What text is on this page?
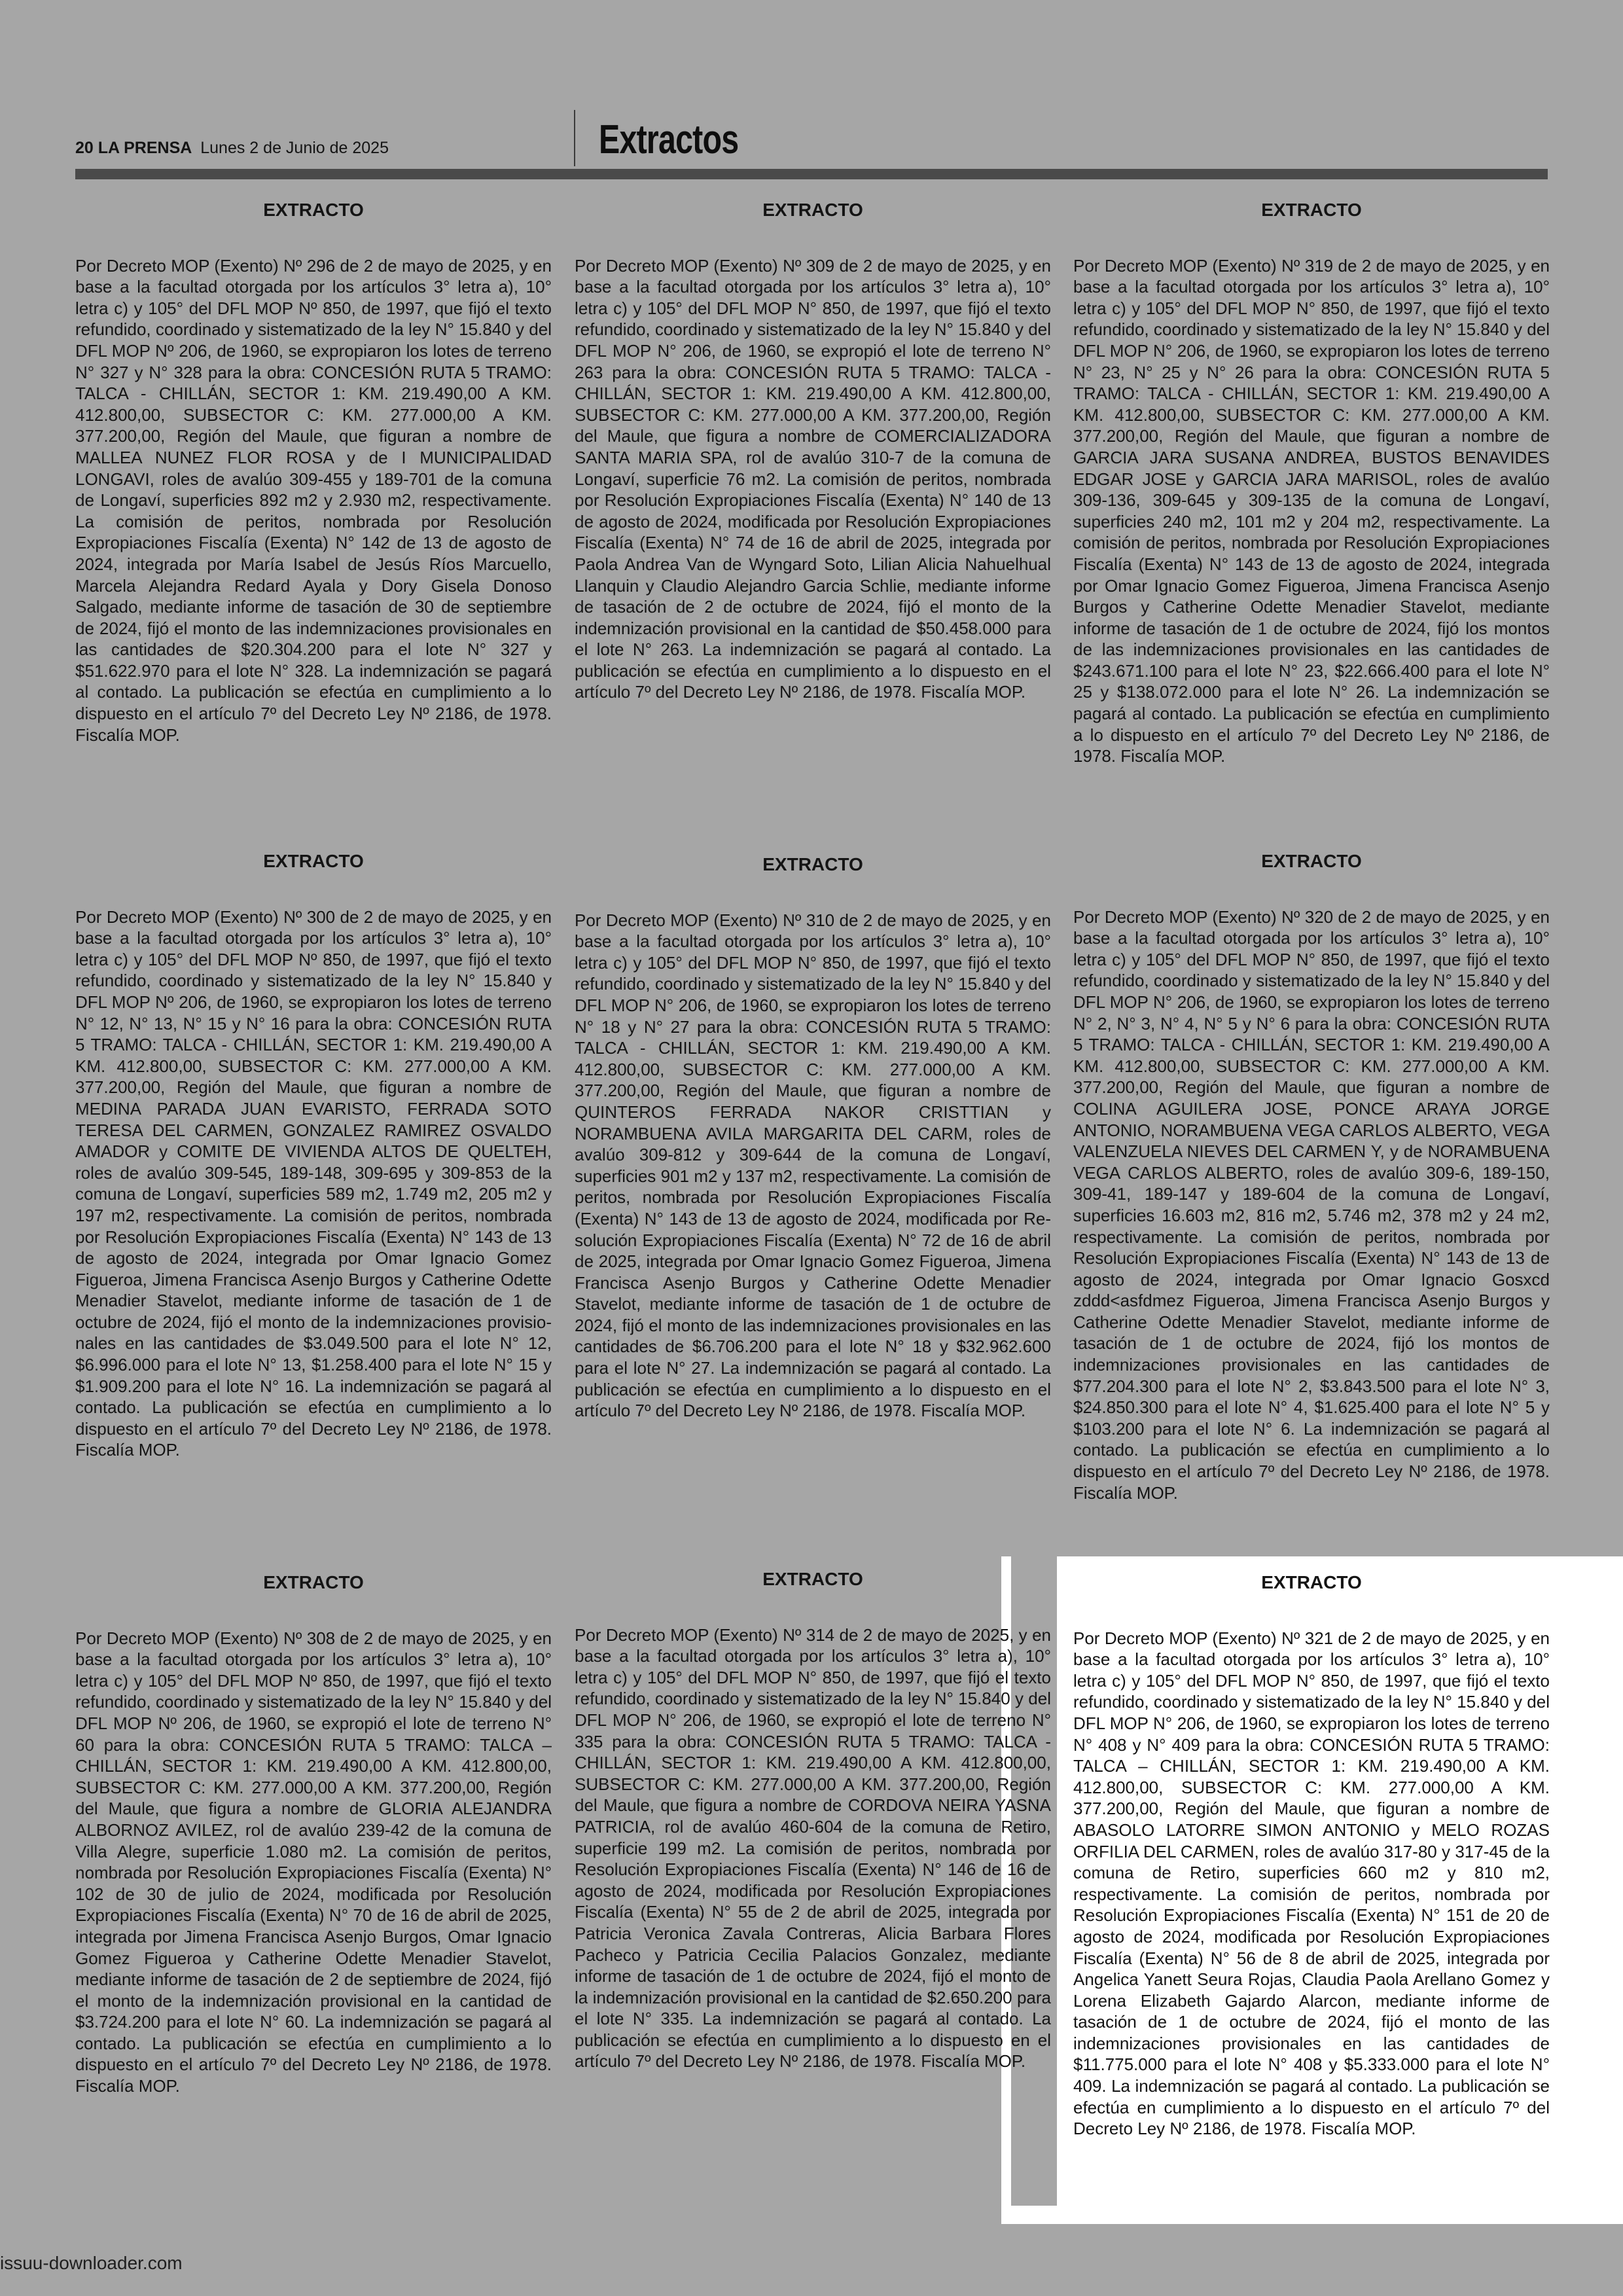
20 LA PRENSA Lunes 2 de Junio de 2025	Extractos
EXTRACTO

Por Decreto MOP (Exento) Nº 296 de 2 de mayo de 2025, y en base a la facultad otorgada por los artículos 3° letra a), 10° letra c) y 105° del DFL MOP Nº 850, de 1997, que fijó el texto refundido, coordinado y sistematizado de la ley N° 15.840 y del DFL MOP Nº 206, de 1960, se expropiaron los lotes de terreno N° 327 y N° 328 para la obra: CONCESIÓN RUTA 5 TRAMO: TALCA - CHILLÁN, SECTOR 1: KM. 219.490,00 A KM. 412.800,00, SUBSECTOR C: KM. 277.000,00 A KM. 377.200,00, Región del Maule, que figuran a nombre de MALLEA NUNEZ FLOR ROSA y de I MUNICIPALIDAD LONGAVI, roles de avalúo 309-455 y 189-701 de la comuna de Longaví, superficies 892 m2 y 2.930 m2, respectivamente. La comisión de peritos, nombrada por Resolución Expropiaciones Fiscalía (Exenta) N° 142 de 13 de agosto de 2024, integrada por María Isabel de Jesús Ríos Marcuello, Marcela Alejandra Redard Ayala y Dory Gisela Donoso Salgado, mediante informe de tasación de 30 de septiembre de 2024, fijó el monto de las indemnizaciones provisionales en las cantidades de $20.304.200 para el lote N° 327 y $51.622.970 para el lote N° 328. La indemnización se pagará al contado. La publicación se efectúa en cumplimiento a lo dispuesto en el artículo 7º del Decreto Ley Nº 2186, de 1978. Fiscalía MOP.

EXTRACTO

Por Decreto MOP (Exento) Nº 309 de 2 de mayo de 2025, y en base a la facultad otorgada por los artículos 3° letra a), 10° letra c) y 105° del DFL MOP N° 850, de 1997, que fijó el texto refundido, coordinado y sistematizado de la ley N° 15.840 y del DFL MOP N° 206, de 1960, se expropió el lote de terreno N° 263 para la obra: CONCESIÓN RUTA 5 TRAMO: TALCA - CHILLÁN, SECTOR 1: KM. 219.490,00 A KM. 412.800,00, SUBSECTOR C: KM. 277.000,00 A KM. 377.200,00, Región del Maule, que figura a nombre de COMERCIALIZADORA SANTA MARIA SPA, rol de avalúo 310-7 de la comuna de Longaví, superficie 76 m2. La comisión de peritos, nombrada por Resolución Expropiaciones Fiscalía (Exenta) N° 140 de 13 de agosto de 2024, modificada por Resolución Expropiaciones Fiscalía (Exenta) N° 74 de 16 de abril de 2025, integrada por Paola Andrea Van de Wyngard Soto, Lilian Alicia Nahuelhual Llanquin y Claudio Alejandro Garcia Schlie, mediante informe de tasación de 2 de octubre de 2024, fijó el monto de la indemnización provisional en la cantidad de $50.458.000 para el lote N° 263. La indemnización se pagará al contado. La publicación se efectúa en cumplimiento a lo dispuesto en el artículo 7º del Decreto Ley Nº 2186, de 1978. Fiscalía MOP.

EXTRACTO

Por Decreto MOP (Exento) Nº 319 de 2 de mayo de 2025, y en base a la facultad otorgada por los artículos 3° letra a), 10° letra c) y 105° del DFL MOP N° 850, de 1997, que fijó el texto refundido, coordinado y sistematizado de la ley N° 15.840 y del DFL MOP N° 206, de 1960, se expropiaron los lotes de terreno N° 23, N° 25 y N° 26 para la obra: CONCESIÓN RUTA 5 TRAMO: TALCA - CHILLÁN, SECTOR 1: KM. 219.490,00 A KM. 412.800,00, SUBSECTOR C: KM. 277.000,00 A KM. 377.200,00, Región del Maule, que figuran a nombre de GARCIA JARA SUSANA ANDREA, BUSTOS BENAVIDES EDGAR JOSE y GARCIA JARA MARISOL, roles de avalúo 309-136, 309-645 y 309-135 de la comuna de Longaví, superficies 240 m2, 101 m2 y 204 m2, respectivamente. La comisión de peritos, nombrada por Resolución Expropiaciones Fiscalía (Exenta) N° 143 de 13 de agosto de 2024, integrada por Omar Ignacio Gomez Figueroa, Jimena Francisca Asenjo Burgos y Catherine Odette Menadier Stavelot, mediante informe de tasación de 1 de octubre de 2024, fijó los montos de las indemnizaciones provisionales en las cantidades de $243.671.100 para el lote N° 23, $22.666.400 para el lote N° 25 y $138.072.000 para el lote N° 26. La indemnización se pagará al contado. La publicación se efectúa en cumplimiento a lo dispuesto en el artículo 7º del Decreto Ley Nº 2186, de 1978. Fiscalía MOP.

EXTRACTO

Por Decreto MOP (Exento) Nº 300 de 2 de mayo de 2025, y en base a la facultad otorgada por los artículos 3° letra a), 10° letra c) y 105° del DFL MOP Nº 850, de 1997, que fijó el texto refundido, coordinado y sistematizado de la ley N° 15.840 y DFL MOP Nº 206, de 1960, se expropiaron los lotes de terreno N° 12, N° 13, N° 15 y N° 16 para la obra: CONCESIÓN RUTA 5 TRAMO: TALCA - CHILLÁN, SECTOR 1: KM. 219.490,00 A KM. 412.800,00, SUBSECTOR C: KM. 277.000,00 A KM. 377.200,00, Región del Maule, que figuran a nombre de MEDINA PARADA JUAN EVARISTO, FERRADA SOTO TERESA DEL CARMEN, GONZALEZ RAMIREZ OSVALDO AMADOR y COMITE DE VIVIENDA ALTOS DE QUELTEH, roles de avalúo 309-545, 189-148, 309-695 y 309-853 de la comuna de Longaví, superficies 589 m2, 1.749 m2, 205 m2 y 197 m2, respectivamente. La comisión de peritos, nombrada por Resolución Expropiaciones Fiscalía (Exenta) N° 143 de 13 de agosto de 2024, integrada por Omar Ignacio Gomez Figueroa, Jimena Francisca Asenjo Burgos y Catherine Odette Menadier Stavelot, mediante informe de tasación de 1 de octubre de 2024, fijó el monto de la indemnizaciones provisionales en las cantidades de $3.049.500 para el lote N° 12, $6.996.000 para el lote N° 13, $1.258.400 para el lote N° 15 y $1.909.200 para el lote N° 16. La indemnización se pagará al contado. La publicación se efectúa en cumplimiento a lo dispuesto en el artículo 7º del Decreto Ley Nº 2186, de 1978. Fiscalía MOP.

EXTRACTO

Por Decreto MOP (Exento) Nº 310 de 2 de mayo de 2025, y en base a la facultad otorgada por los artículos 3° letra a), 10° letra c) y 105° del DFL MOP N° 850, de 1997, que fijó el texto refundido, coordinado y sistematizado de la ley N° 15.840 y del DFL MOP N° 206, de 1960, se expropiaron los lotes de terreno N° 18 y N° 27 para la obra: CONCESIÓN RUTA 5 TRAMO: TALCA - CHILLÁN, SECTOR 1: KM. 219.490,00 A KM. 412.800,00, SUBSECTOR C: KM. 277.000,00 A KM. 377.200,00, Región del Maule, que figuran a nombre de QUINTEROS FERRADA NAKOR CRISTTIAN y NORAMBUENA AVILA MARGARITA DEL CARM, roles de avalúo 309-812 y 309-644 de la comuna de Longaví, superficies 901 m2 y 137 m2, respectivamente. La comisión de peritos, nombrada por Resolución Expropiaciones Fiscalía (Exenta) N° 143 de 13 de agosto de 2024, modificada por Resolución Expropiaciones Fiscalía (Exenta) N° 72 de 16 de abril de 2025, integrada por Omar Ignacio Gomez Figueroa, Jimena Francisca Asenjo Burgos y Catherine Odette Menadier Stavelot, mediante informe de tasación de 1 de octubre de 2024, fijó el monto de las indemnizaciones provisionales en las cantidades de $6.706.200 para el lote N° 18 y $32.962.600 para el lote N° 27. La indemnización se pagará al contado. La publicación se efectúa en cumplimiento a lo dispuesto en el artículo 7º del Decreto Ley Nº 2186, de 1978. Fiscalía MOP.

EXTRACTO

Por Decreto MOP (Exento) Nº 320 de 2 de mayo de 2025, y en base a la facultad otorgada por los artículos 3° letra a), 10° letra c) y 105° del DFL MOP N° 850, de 1997, que fijó el texto refundido, coordinado y sistematizado de la ley N° 15.840 y del DFL MOP N° 206, de 1960, se expropiaron los lotes de terreno N° 2, N° 3, N° 4, N° 5 y N° 6 para la obra: CONCESIÓN RUTA 5 TRAMO: TALCA - CHILLÁN, SECTOR 1: KM. 219.490,00 A KM. 412.800,00, SUBSECTOR C: KM. 277.000,00 A KM. 377.200,00, Región del Maule, que figuran a nombre de COLINA AGUILERA JOSE, PONCE ARAYA JORGE ANTONIO, NORAMBUENA VEGA CARLOS ALBERTO, VEGA VALENZUELA NIEVES DEL CARMEN Y, y de NORAMBUENA VEGA CARLOS ALBERTO, roles de avalúo 309-6, 189-150, 309-41, 189-147 y 189-604 de la comuna de Longaví, superficies 16.603 m2, 816 m2, 5.746 m2, 378 m2 y 24 m2, respectivamente. La comisión de peritos, nombrada por Resolución Expropiaciones Fiscalía (Exenta) N° 143 de 13 de agosto de 2024, integrada por Omar Ignacio Gosxcd zddd<asfdmez Figueroa, Jimena Francisca Asenjo Burgos y Catherine Odette Menadier Stavelot, mediante informe de tasación de 1 de octubre de 2024, fijó los montos de indemnizaciones provisionales en las cantidades de $77.204.300 para el lote N° 2, $3.843.500 para el lote N° 3, $24.850.300 para el lote N° 4, $1.625.400 para el lote N° 5 y $103.200 para el lote N° 6. La indemnización se pagará al contado. La publicación se efectúa en cumplimiento a lo dispuesto en el artículo 7º del Decreto Ley Nº 2186, de 1978. Fiscalía MOP.

EXTRACTO

Por Decreto MOP (Exento) Nº 308 de 2 de mayo de 2025, y en base a la facultad otorgada por los artículos 3° letra a), 10° letra c) y 105° del DFL MOP Nº 850, de 1997, que fijó el texto refundido, coordinado y sistematizado de la ley N° 15.840 y del DFL MOP Nº 206, de 1960, se expropió el lote de terreno N° 60 para la obra: CONCESIÓN RUTA 5 TRAMO: TALCA – CHILLÁN, SECTOR 1: KM. 219.490,00 A KM. 412.800,00, SUBSECTOR C: KM. 277.000,00 A KM. 377.200,00, Región del Maule, que figura a nombre de GLORIA ALEJANDRA ALBORNOZ AVILEZ, rol de avalúo 239-42 de la comuna de Villa Alegre, superficie 1.080 m2. La comisión de peritos, nombrada por Resolución Expropiaciones Fiscalía (Exenta) N° 102 de 30 de julio de 2024, modificada por Resolución Expropiaciones Fiscalía (Exenta) N° 70 de 16 de abril de 2025, integrada por Jimena Francisca Asenjo Burgos, Omar Ignacio Gomez Figueroa y Catherine Odette Menadier Stavelot, mediante informe de tasación de 2 de septiembre de 2024, fijó el monto de la indemnización provisional en la cantidad de $3.724.200 para el lote N° 60. La indemnización se pagará al contado. La publicación se efectúa en cumplimiento a lo dispuesto en el artículo 7º del Decreto Ley Nº 2186, de 1978. Fiscalía MOP.

EXTRACTO

Por Decreto MOP (Exento) Nº 314 de 2 de mayo de 2025, y en base a la facultad otorgada por los artículos 3° letra a), 10° letra c) y 105° del DFL MOP N° 850, de 1997, que fijó el texto refundido, coordinado y sistematizado de la ley N° 15.840 y del DFL MOP N° 206, de 1960, se expropió el lote de terreno N° 335 para la obra: CONCESIÓN RUTA 5 TRAMO: TALCA - CHILLÁN, SECTOR 1: KM. 219.490,00 A KM. 412.800,00, SUBSECTOR C: KM. 277.000,00 A KM. 377.200,00, Región del Maule, que figura a nombre de CORDOVA NEIRA YASNA PATRICIA, rol de avalúo 460-604 de la comuna de Retiro, superficie 199 m2. La comisión de peritos, nombrada por Resolución Expropiaciones Fiscalía (Exenta) N° 146 de 16 de agosto de 2024, modificada por Resolución Expropiaciones Fiscalía (Exenta) N° 55 de 2 de abril de 2025, integrada por Patricia Veronica Zavala Contreras, Alicia Barbara Flores Pacheco y Patricia Cecilia Palacios Gonzalez, mediante informe de tasación de 1 de octubre de 2024, fijó el monto de la indemnización provisional en la cantidad de $2.650.200 para el lote N° 335. La indemnización se pagará al contado. La publicación se efectúa en cumplimiento a lo dispuesto en el artículo 7º del Decreto Ley Nº 2186, de 1978. Fiscalía MOP.

EXTRACTO

Por Decreto MOP (Exento) Nº 321 de 2 de mayo de 2025, y en base a la facultad otorgada por los artículos 3° letra a), 10° letra c) y 105° del DFL MOP N° 850, de 1997, que fijó el texto refundido, coordinado y sistematizado de la ley N° 15.840 y del DFL MOP N° 206, de 1960, se expropiaron los lotes de terreno N° 408 y N° 409 para la obra: CONCESIÓN RUTA 5 TRAMO: TALCA – CHILLÁN, SECTOR 1: KM. 219.490,00 A KM. 412.800,00, SUBSECTOR C: KM. 277.000,00 A KM. 377.200,00, Región del Maule, que figuran a nombre de ABASOLO LATORRE SIMON ANTONIO y MELO ROZAS ORFILIA DEL CARMEN, roles de avalúo 317-80 y 317-45 de la comuna de Retiro, superficies 660 m2 y 810 m2, respectivamente. La comisión de peritos, nombrada por Resolución Expropiaciones Fiscalía (Exenta) N° 151 de 20 de agosto de 2024, modificada por Resolución Expropiaciones Fiscalía (Exenta) N° 56 de 8 de abril de 2025, integrada por Angelica Yanett Seura Rojas, Claudia Paola Arellano Gomez y Lorena Elizabeth Gajardo Alarcon, mediante informe de tasación de 1 de octubre de 2024, fijó el monto de las indemnizaciones provisionales en las cantidades de $11.775.000 para el lote N° 408 y $5.333.000 para el lote N° 409. La indemnización se pagará al contado. La publicación se efectúa en cumplimiento a lo dispuesto en el artículo 7º del Decreto Ley Nº 2186, de 1978. Fiscalía MOP.

issuu-downloader.com
